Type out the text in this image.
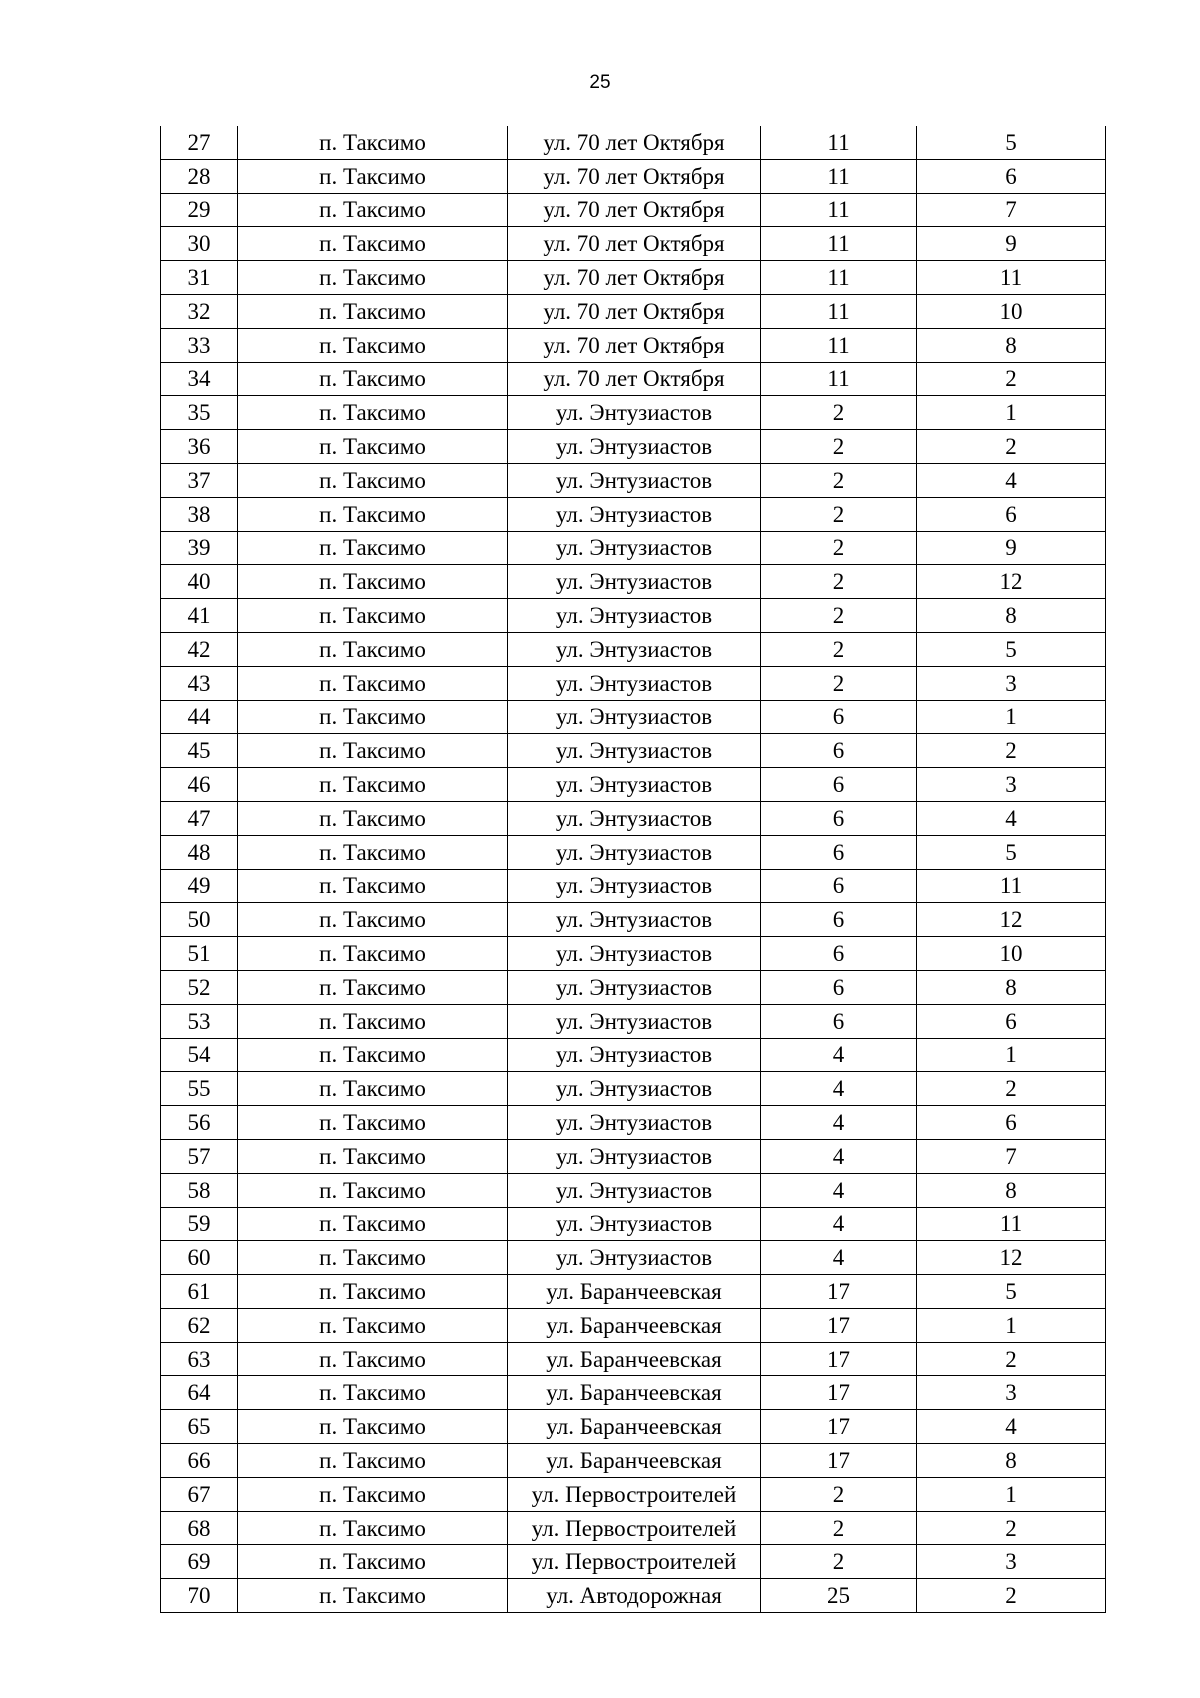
25
27	п. Таксимо	ул. 70 лет Октября	11	5
28	п. Таксимо	ул. 70 лет Октября	11	6
29	п. Таксимо	ул. 70 лет Октября	11	7
30	п. Таксимо	ул. 70 лет Октября	11	9
31	п. Таксимо	ул. 70 лет Октября	11	11
32	п. Таксимо	ул. 70 лет Октября	11	10
33	п. Таксимо	ул. 70 лет Октября	11	8
34	п. Таксимо	ул. 70 лет Октября	11	2
35	п. Таксимо	ул. Энтузиастов	2	1
36	п. Таксимо	ул. Энтузиастов	2	2
37	п. Таксимо	ул. Энтузиастов	2	4
38	п. Таксимо	ул. Энтузиастов	2	6
39	п. Таксимо	ул. Энтузиастов	2	9
40	п. Таксимо	ул. Энтузиастов	2	12
41	п. Таксимо	ул. Энтузиастов	2	8
42	п. Таксимо	ул. Энтузиастов	2	5
43	п. Таксимо	ул. Энтузиастов	2	3
44	п. Таксимо	ул. Энтузиастов	6	1
45	п. Таксимо	ул. Энтузиастов	6	2
46	п. Таксимо	ул. Энтузиастов	6	3
47	п. Таксимо	ул. Энтузиастов	6	4
48	п. Таксимо	ул. Энтузиастов	6	5
49	п. Таксимо	ул. Энтузиастов	6	11
50	п. Таксимо	ул. Энтузиастов	6	12
51	п. Таксимо	ул. Энтузиастов	6	10
52	п. Таксимо	ул. Энтузиастов	6	8
53	п. Таксимо	ул. Энтузиастов	6	6
54	п. Таксимо	ул. Энтузиастов	4	1
55	п. Таксимо	ул. Энтузиастов	4	2
56	п. Таксимо	ул. Энтузиастов	4	6
57	п. Таксимо	ул. Энтузиастов	4	7
58	п. Таксимо	ул. Энтузиастов	4	8
59	п. Таксимо	ул. Энтузиастов	4	11
60	п. Таксимо	ул. Энтузиастов	4	12
61	п. Таксимо	ул. Баранчеевская	17	5
62	п. Таксимо	ул. Баранчеевская	17	1
63	п. Таксимо	ул. Баранчеевская	17	2
64	п. Таксимо	ул. Баранчеевская	17	3
65	п. Таксимо	ул. Баранчеевская	17	4
66	п. Таксимо	ул. Баранчеевская	17	8
67	п. Таксимо	ул. Первостроителей	2	1
68	п. Таксимо	ул. Первостроителей	2	2
69	п. Таксимо	ул. Первостроителей	2	3
70	п. Таксимо	ул. Автодорожная	25	2
